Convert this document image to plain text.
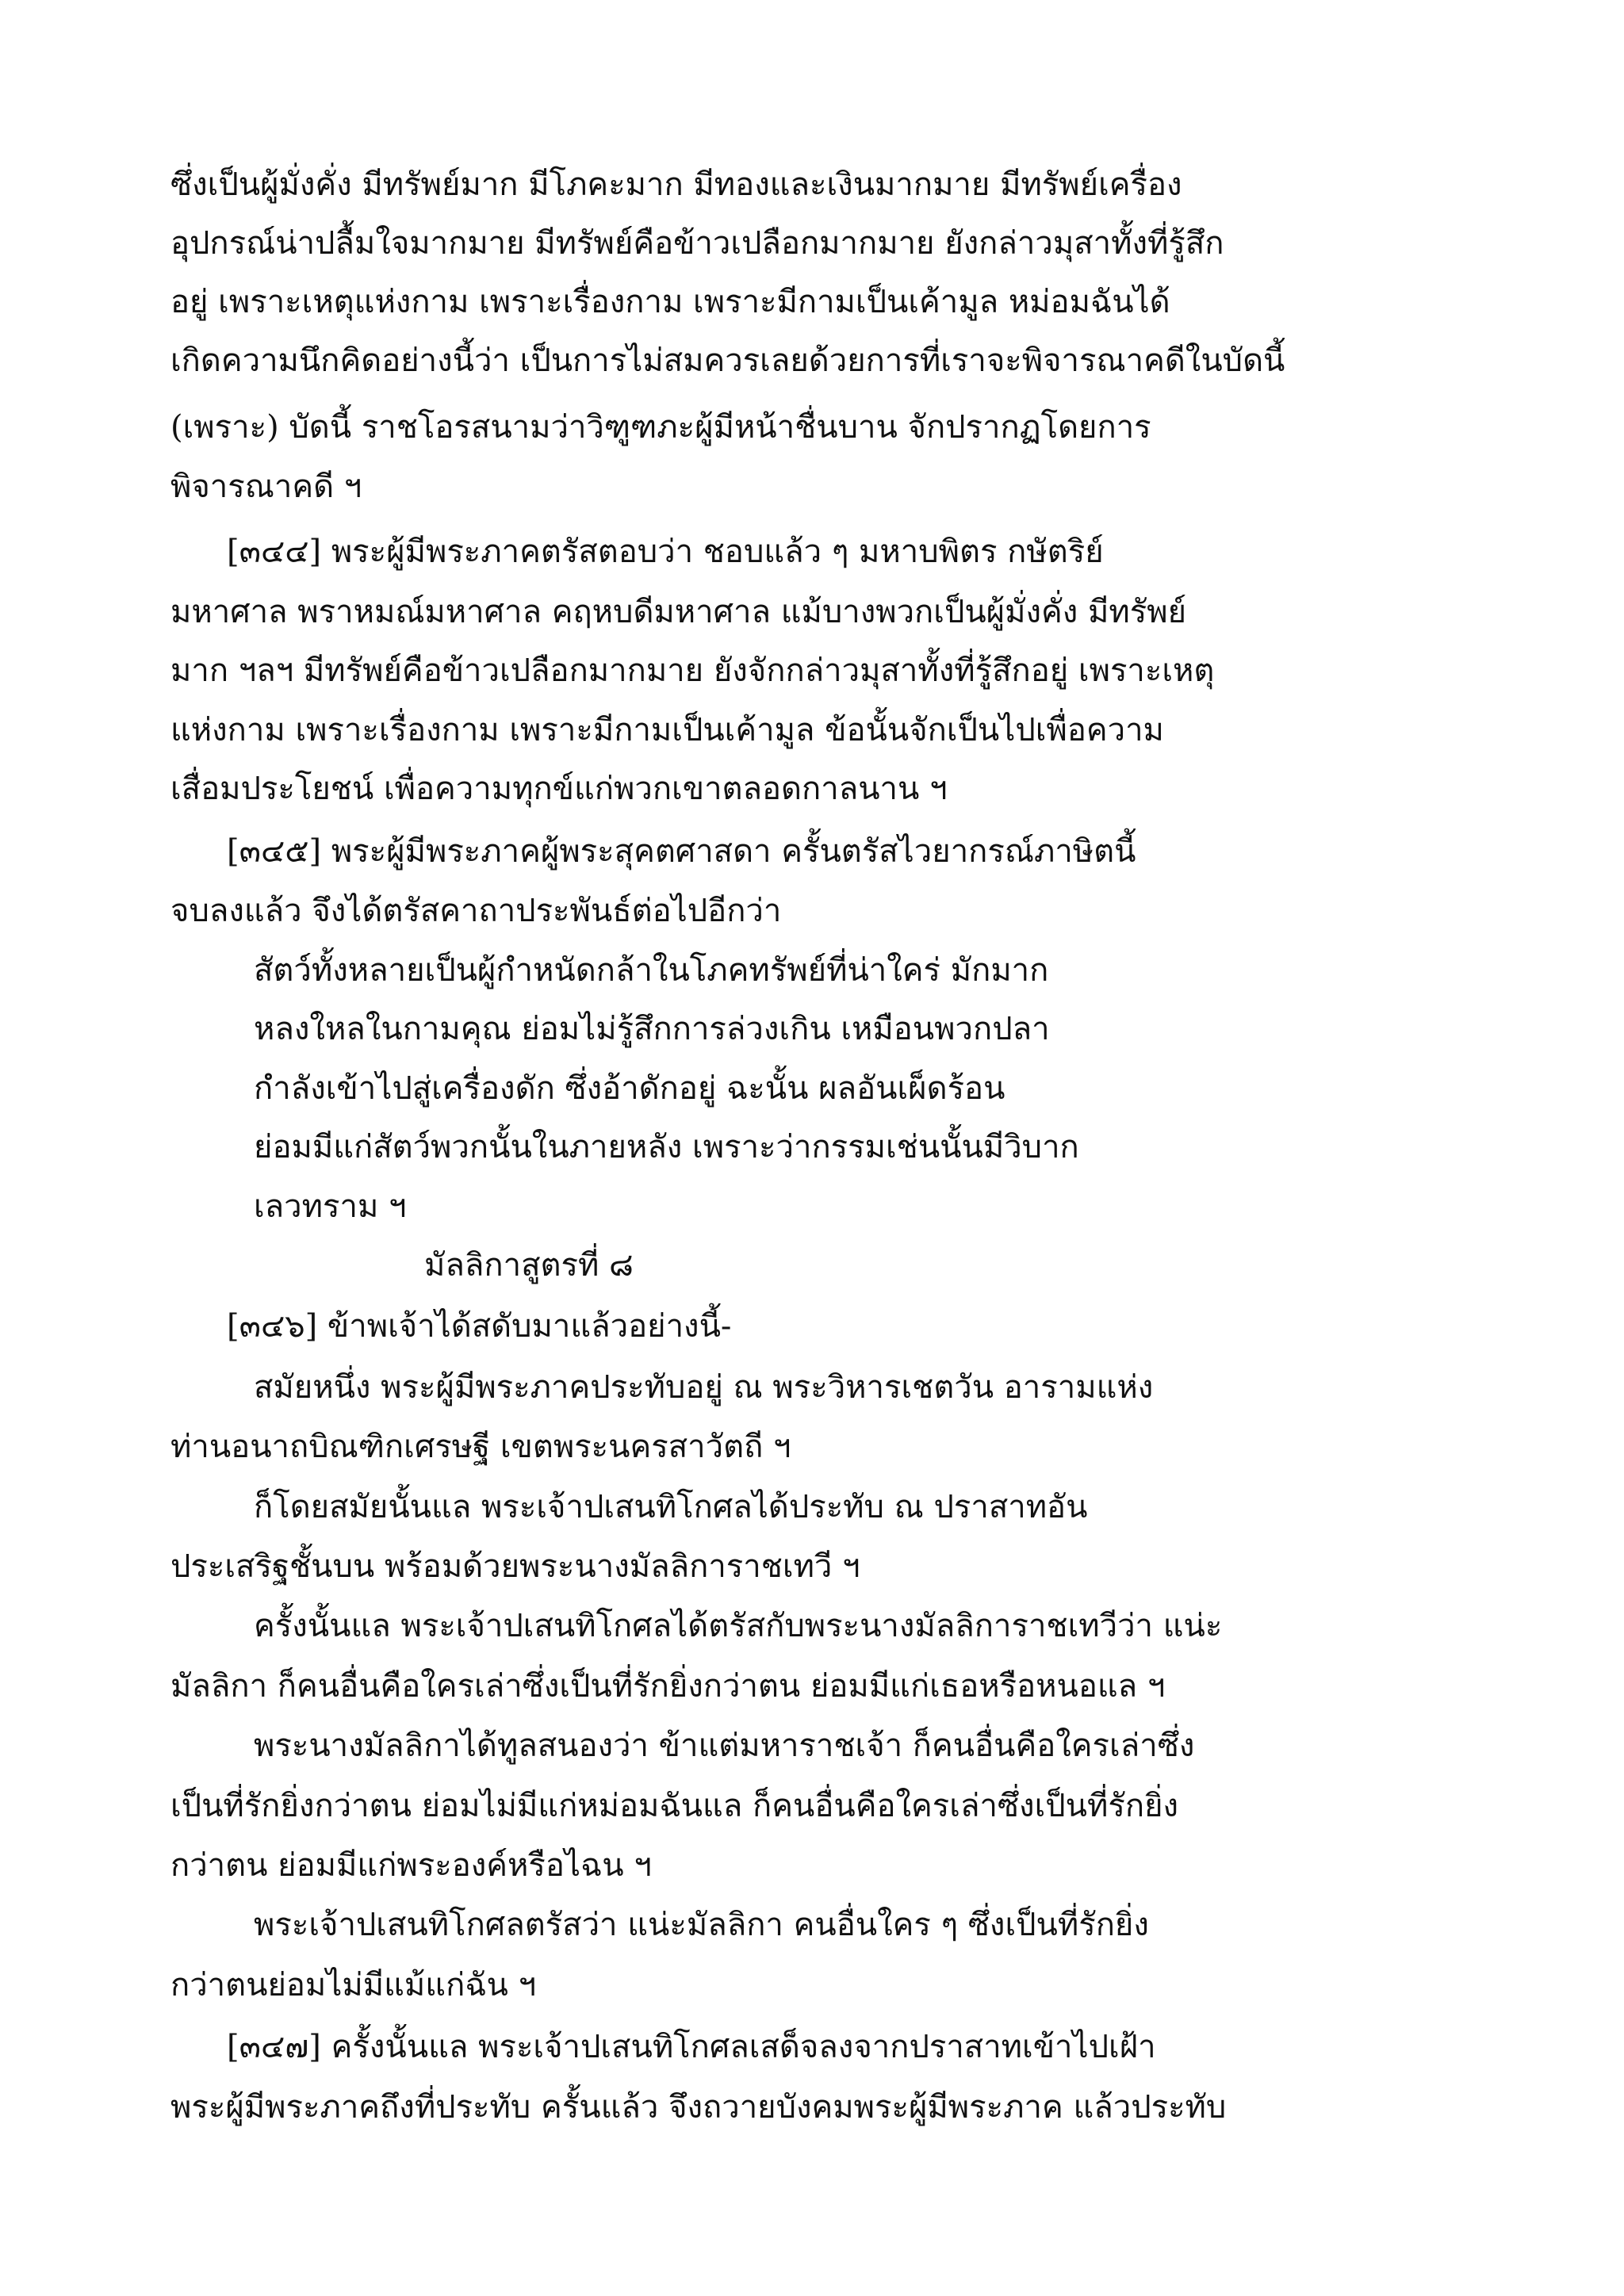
ซึ่งเป็นผู้มั่งคั่ง มีทรัพย์มาก มีโภคะมาก มีทองและเงินมากมาย มีทรัพย์เครื่อง
อุปกรณ์น่าปลื้มใจมากมาย มีทรัพย์คือข้าวเปลือกมากมาย ยังกล่าวมุสาทั้งที่รู้สึก
อยู่ เพราะเหตุแห่งกาม เพราะเรื่องกาม เพราะมีกามเป็นเค้ามูล หม่อมฉันได้
เกิดความนึกคิดอย่างนี้ว่า เป็นการไม่สมควรเลยด้วยการที่เราจะพิจารณาคดีในบัดนี้
(เพราะ) บัดนี้ ราชโอรสนามว่าวิฑูฑภะผู้มีหน้าชื่นบาน จักปรากฏโดยการ
พิจารณาคดี ฯ
[๓๔๔] พระผู้มีพระภาคตรัสตอบว่า ชอบแล้ว ๆ มหาบพิตร กษัตริย์
มหาศาล พราหมณ์มหาศาล คฤหบดีมหาศาล แม้บางพวกเป็นผู้มั่งคั่ง มีทรัพย์
มาก ฯลฯ มีทรัพย์คือข้าวเปลือกมากมาย ยังจักกล่าวมุสาทั้งที่รู้สึกอยู่ เพราะเหตุ
แห่งกาม เพราะเรื่องกาม เพราะมีกามเป็นเค้ามูล ข้อนั้นจักเป็นไปเพื่อความ
เสื่อมประโยชน์ เพื่อความทุกข์แก่พวกเขาตลอดกาลนาน ฯ
[๓๔๕] พระผู้มีพระภาคผู้พระสุคตศาสดา ครั้นตรัสไวยากรณ์ภาษิตนี้
จบลงแล้ว จึงได้ตรัสคาถาประพันธ์ต่อไปอีกว่า
สัตว์ทั้งหลายเป็นผู้กำหนัดกล้าในโภคทรัพย์ที่น่าใคร่ มักมาก
หลงใหลในกามคุณ ย่อมไม่รู้สึกการล่วงเกิน เหมือนพวกปลา
กำลังเข้าไปสู่เครื่องดัก ซึ่งอ้าดักอยู่ ฉะนั้น ผลอันเผ็ดร้อน
ย่อมมีแก่สัตว์พวกนั้นในภายหลัง เพราะว่ากรรมเช่นนั้นมีวิบาก
เลวทราม ฯ
มัลลิกาสูตรที่ ๘
[๓๔๖] ข้าพเจ้าได้สดับมาแล้วอย่างนี้-
สมัยหนึ่ง พระผู้มีพระภาคประทับอยู่ ณ พระวิหารเชตวัน อารามแห่ง
ท่านอนาถบิณฑิกเศรษฐี เขตพระนครสาวัตถี ฯ
ก็โดยสมัยนั้นแล พระเจ้าปเสนทิโกศลได้ประทับ ณ ปราสาทอัน
ประเสริฐชั้นบน พร้อมด้วยพระนางมัลลิการาชเทวี ฯ
ครั้งนั้นแล พระเจ้าปเสนทิโกศลได้ตรัสกับพระนางมัลลิการาชเทวีว่า แน่ะ
มัลลิกา ก็คนอื่นคือใครเล่าซึ่งเป็นที่รักยิ่งกว่าตน ย่อมมีแก่เธอหรือหนอแล ฯ
พระนางมัลลิกาได้ทูลสนองว่า ข้าแต่มหาราชเจ้า ก็คนอื่นคือใครเล่าซึ่ง
เป็นที่รักยิ่งกว่าตน ย่อมไม่มีแก่หม่อมฉันแล ก็คนอื่นคือใครเล่าซึ่งเป็นที่รักยิ่ง
กว่าตน ย่อมมีแก่พระองค์หรือไฉน ฯ
พระเจ้าปเสนทิโกศลตรัสว่า แน่ะมัลลิกา คนอื่นใคร ๆ ซึ่งเป็นที่รักยิ่ง
กว่าตนย่อมไม่มีแม้แก่ฉัน ฯ
[๓๔๗] ครั้งนั้นแล พระเจ้าปเสนทิโกศลเสด็จลงจากปราสาทเข้าไปเฝ้า
พระผู้มีพระภาคถึงที่ประทับ ครั้นแล้ว จึงถวายบังคมพระผู้มีพระภาค แล้วประทับ
